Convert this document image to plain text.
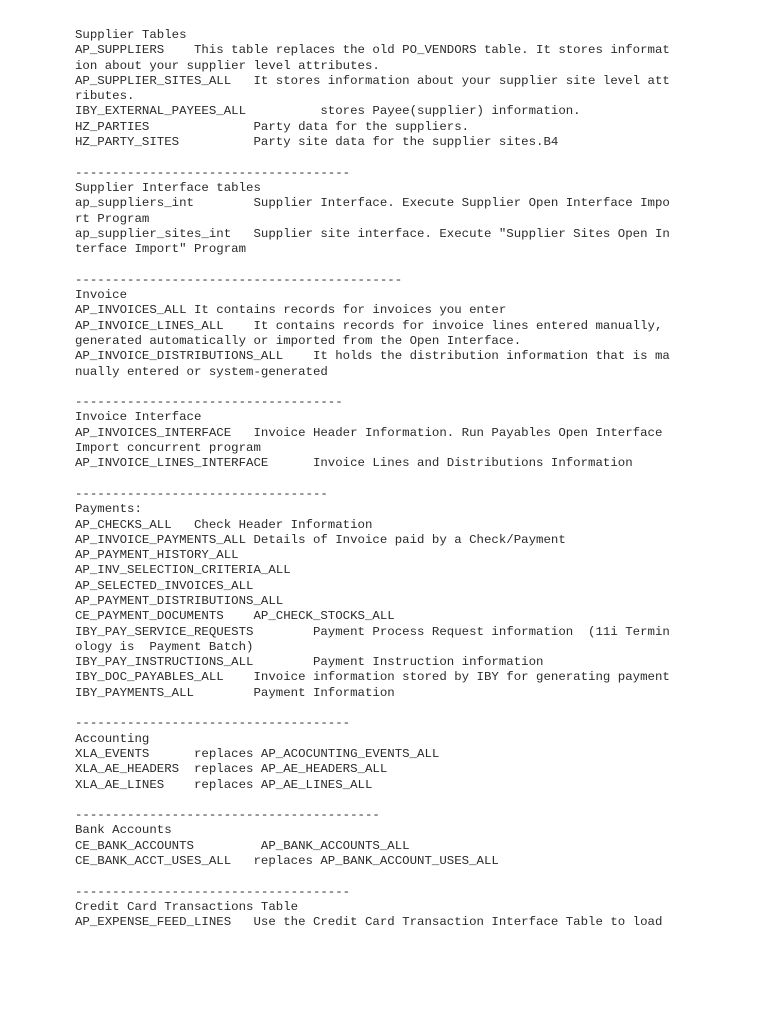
Supplier Tables
AP_SUPPLIERS    This table replaces the old PO_VENDORS table. It stores informat
ion about your supplier level attributes.
AP_SUPPLIER_SITES_ALL   It stores information about your supplier site level att
ributes.
IBY_EXTERNAL_PAYEES_ALL          stores Payee(supplier) information.
HZ_PARTIES              Party data for the suppliers.
HZ_PARTY_SITES          Party site data for the supplier sites.B4
-------------------------------------
Supplier Interface tables
ap_suppliers_int        Supplier Interface. Execute Supplier Open Interface Impo
rt Program
ap_supplier_sites_int   Supplier site interface. Execute "Supplier Sites Open In
terface Import" Program
--------------------------------------------
Invoice
AP_INVOICES_ALL It contains records for invoices you enter
AP_INVOICE_LINES_ALL    It contains records for invoice lines entered manually,
generated automatically or imported from the Open Interface.
AP_INVOICE_DISTRIBUTIONS_ALL    It holds the distribution information that is ma
nually entered or system-generated
------------------------------------
Invoice Interface
AP_INVOICES_INTERFACE   Invoice Header Information. Run Payables Open Interface
Import concurrent program
AP_INVOICE_LINES_INTERFACE      Invoice Lines and Distributions Information
----------------------------------
Payments:
AP_CHECKS_ALL   Check Header Information
AP_INVOICE_PAYMENTS_ALL Details of Invoice paid by a Check/Payment
AP_PAYMENT_HISTORY_ALL
AP_INV_SELECTION_CRITERIA_ALL
AP_SELECTED_INVOICES_ALL
AP_PAYMENT_DISTRIBUTIONS_ALL
CE_PAYMENT_DOCUMENTS    AP_CHECK_STOCKS_ALL
IBY_PAY_SERVICE_REQUESTS        Payment Process Request information  (11i Termin
ology is  Payment Batch)
IBY_PAY_INSTRUCTIONS_ALL        Payment Instruction information
IBY_DOC_PAYABLES_ALL    Invoice information stored by IBY for generating payment
IBY_PAYMENTS_ALL        Payment Information
-------------------------------------
Accounting
XLA_EVENTS      replaces AP_ACOCUNTING_EVENTS_ALL
XLA_AE_HEADERS  replaces AP_AE_HEADERS_ALL
XLA_AE_LINES    replaces AP_AE_LINES_ALL
-----------------------------------------
Bank Accounts
CE_BANK_ACCOUNTS         AP_BANK_ACCOUNTS_ALL
CE_BANK_ACCT_USES_ALL   replaces AP_BANK_ACCOUNT_USES_ALL
-------------------------------------
Credit Card Transactions Table
AP_EXPENSE_FEED_LINES   Use the Credit Card Transaction Interface Table to load
